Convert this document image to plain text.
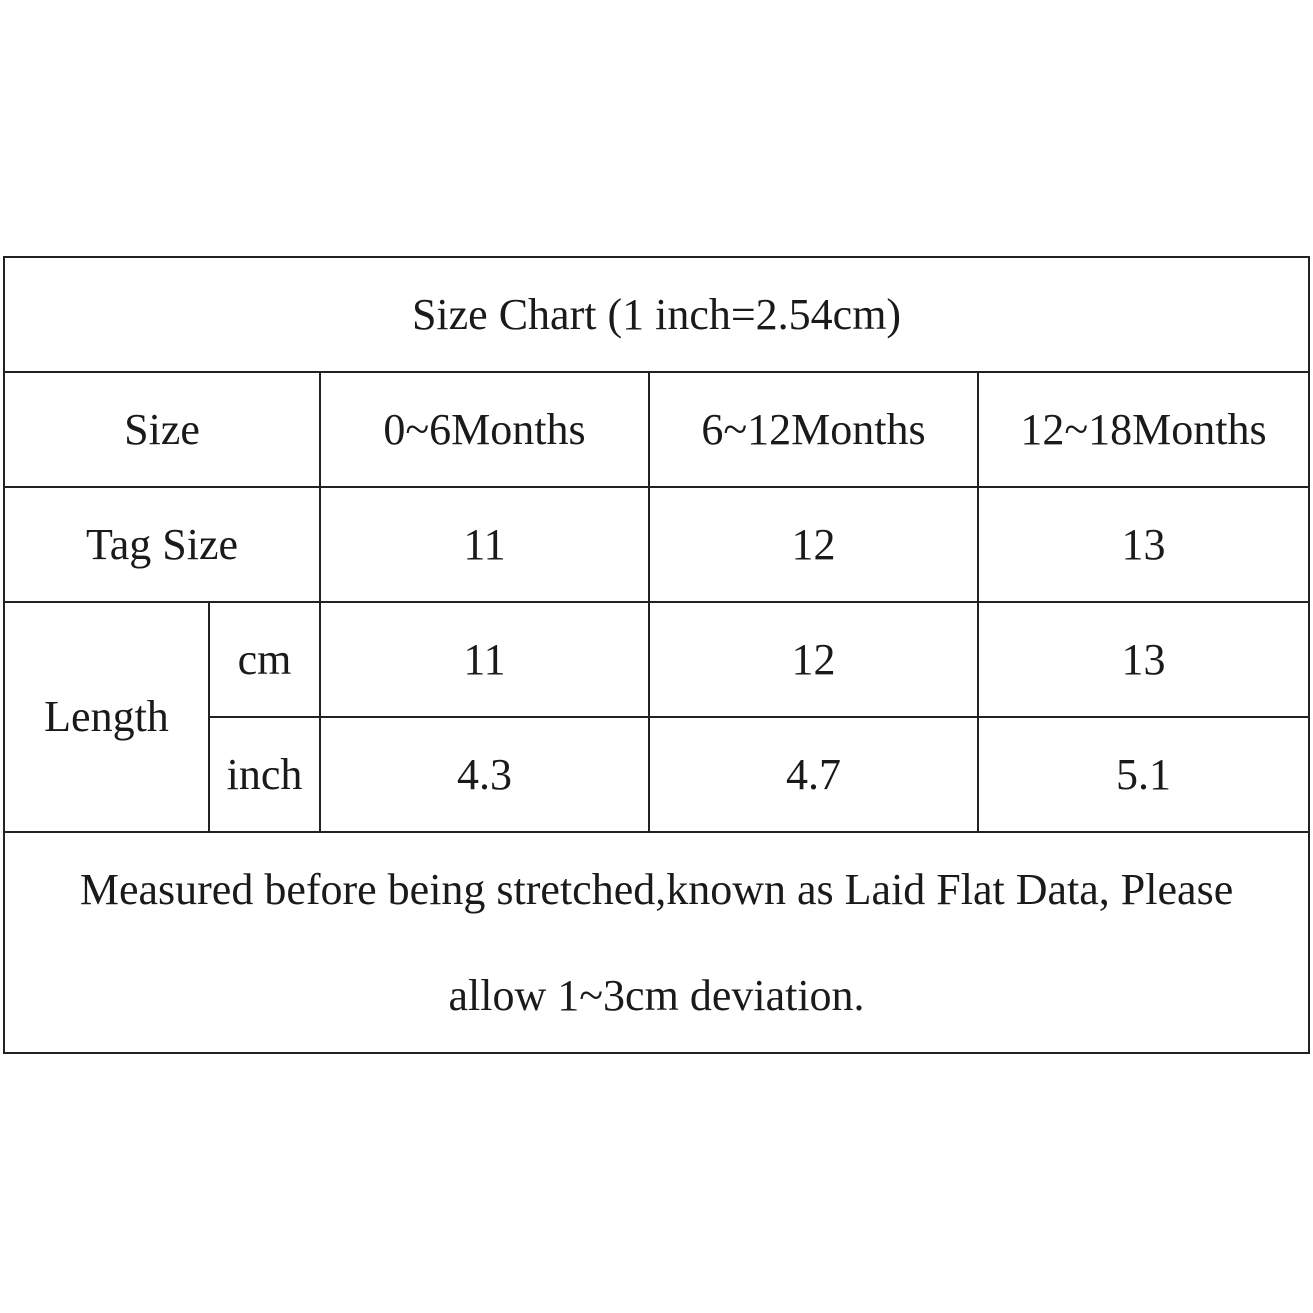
Size Chart (1 inch=2.54cm)				
Size		0~6Months	6~12Months	12~18Months
Tag Size		11	12	13
Length	cm	11	12	13
	inch	4.3	4.7	5.1

Measured before being stretched,known as Laid Flat Data, Please
allow 1~3cm deviation.				
